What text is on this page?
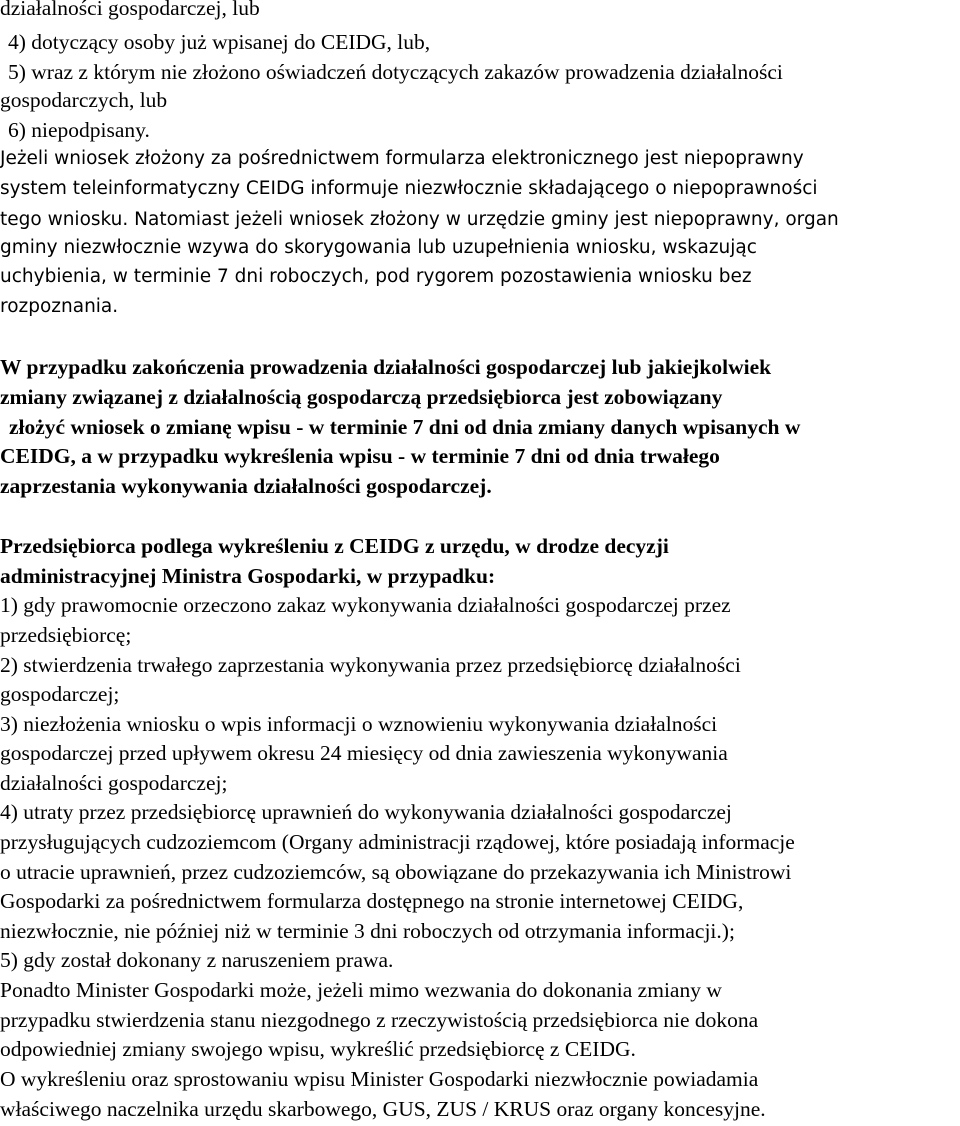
działalności gospodarczej, lub
4) dotyczący osoby już wpisanej do CEIDG, lub,
5) wraz z którym nie złożono oświadczeń dotyczących zakazów prowadzenia działalności
gospodarczych, lub
6) niepodpisany.
Jeżeli wniosek złożony za pośrednictwem formularza elektronicznego jest niepoprawny
system teleinformatyczny CEIDG informuje niezwłocznie składającego o niepoprawności
tego wniosku. Natomiast jeżeli wniosek złożony w urzędzie gminy jest niepoprawny, organ
gminy niezwłocznie wzywa do skorygowania lub uzupełnienia wniosku, wskazując
uchybienia, w terminie 7 dni roboczych, pod rygorem pozostawienia wniosku bez
rozpoznania.
W przypadku zakończenia prowadzenia działalności gospodarczej lub jakiejkolwiek
zmiany związanej z działalnością gospodarczą przedsiębiorca jest zobowiązany
złożyć wniosek o zmianę wpisu - w terminie 7 dni od dnia zmiany danych wpisanych w
CEIDG, a w przypadku wykreślenia wpisu - w terminie 7 dni od dnia trwałego
zaprzestania wykonywania działalności gospodarczej.
Przedsiębiorca podlega wykreśleniu z CEIDG z urzędu, w drodze decyzji
administracyjnej Ministra Gospodarki, w przypadku:
1) gdy prawomocnie orzeczono zakaz wykonywania działalności gospodarczej przez
przedsiębiorcę;
2) stwierdzenia trwałego zaprzestania wykonywania przez przedsiębiorcę działalności
gospodarczej;
3) niezłożenia wniosku o wpis informacji o wznowieniu wykonywania działalności
gospodarczej przed upływem okresu 24 miesięcy od dnia zawieszenia wykonywania
działalności gospodarczej;
4) utraty przez przedsiębiorcę uprawnień do wykonywania działalności gospodarczej
przysługujących cudzoziemcom (Organy administracji rządowej, które posiadają informacje
o utracie uprawnień, przez cudzoziemców, są obowiązane do przekazywania ich Ministrowi
Gospodarki za pośrednictwem formularza dostępnego na stronie internetowej CEIDG,
niezwłocznie, nie później niż w terminie 3 dni roboczych od otrzymania informacji.);
5) gdy został dokonany z naruszeniem prawa.
Ponadto Minister Gospodarki może, jeżeli mimo wezwania do dokonania zmiany w
przypadku stwierdzenia stanu niezgodnego z rzeczywistością przedsiębiorca nie dokona
odpowiedniej zmiany swojego wpisu, wykreślić przedsiębiorcę z CEIDG.
O wykreśleniu oraz sprostowaniu wpisu Minister Gospodarki niezwłocznie powiadamia
właściwego naczelnika urzędu skarbowego, GUS, ZUS / KRUS oraz organy koncesyjne.
